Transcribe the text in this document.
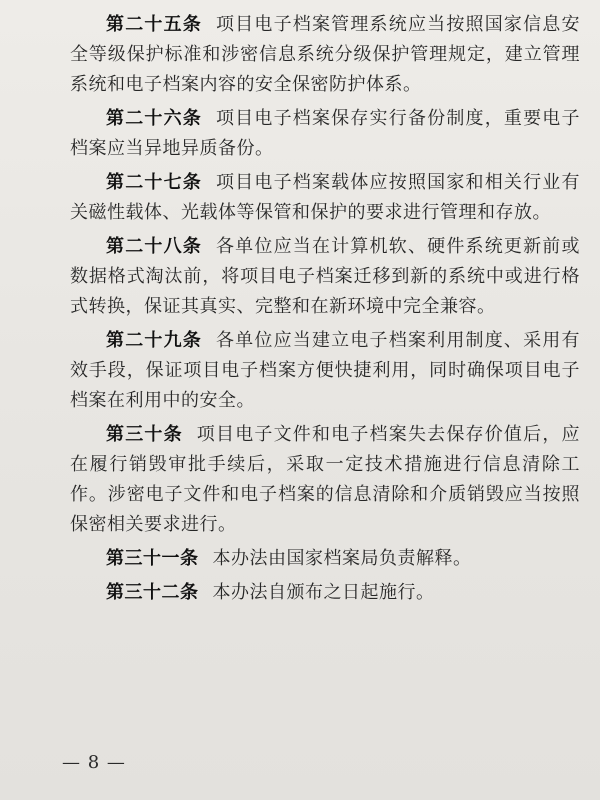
第二十五条 项目电子档案管理系统应当按照国家信息安全等级保护标准和涉密信息系统分级保护管理规定，建立管理系统和电子档案内容的安全保密防护体系。

第二十六条 项目电子档案保存实行备份制度，重要电子档案应当异地异质备份。

第二十七条 项目电子档案载体应按照国家和相关行业有关磁性载体、光载体等保管和保护的要求进行管理和存放。

第二十八条 各单位应当在计算机软、硬件系统更新前或数据格式淘汰前，将项目电子档案迁移到新的系统中或进行格式转换，保证其真实、完整和在新环境中完全兼容。

第二十九条 各单位应当建立电子档案利用制度、采用有效手段，保证项目电子档案方便快捷利用，同时确保项目电子档案在利用中的安全。

第三十条 项目电子文件和电子档案失去保存价值后，应在履行销毁审批手续后，采取一定技术措施进行信息清除工作。涉密电子文件和电子档案的信息清除和介质销毁应当按照保密相关要求进行。

第三十一条 本办法由国家档案局负责解释。

第三十二条 本办法自颁布之日起施行。

— 8 —
